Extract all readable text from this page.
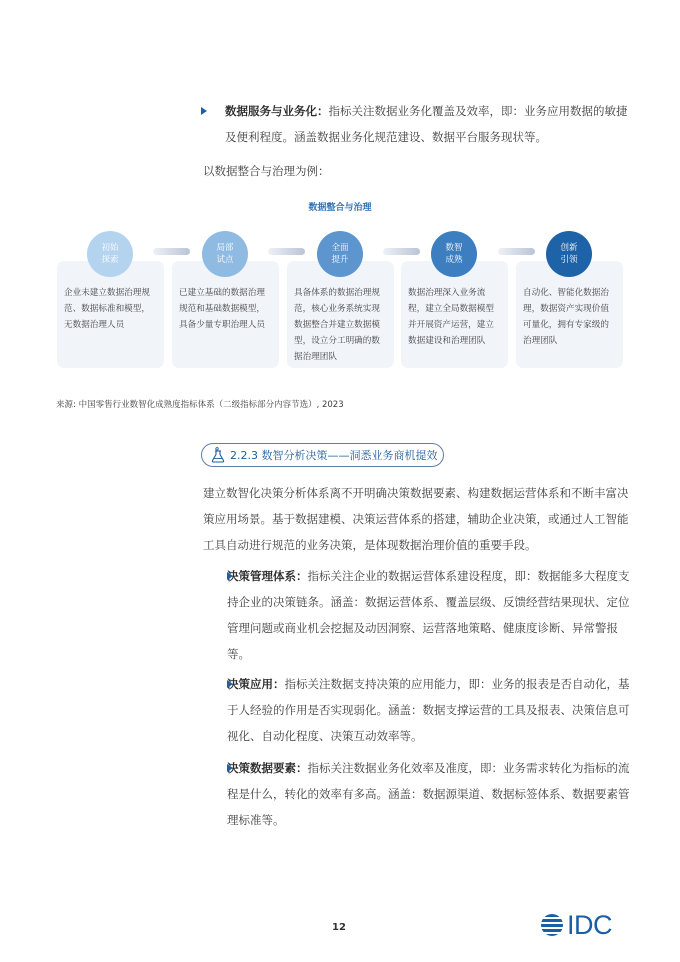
数据服务与业务化：指标关注数据业务化覆盖及效率，即：业务应用数据的敏捷及便利程度。涵盖数据业务化规范建设、数据平台服务现状等。
以数据整合与治理为例：
数据整合与治理
企业未建立数据治理规范、数据标准和模型，无数据治理人员
已建立基础的数据治理规范和基础数据模型，具备少量专职治理人员
具备体系的数据治理规范，核心业务系统实现数据整合并建立数据模型，设立分工明确的数据治理团队
数据治理深入业务流程，建立全局数据模型并开展资产运营，建立数据建设和治理团队
自动化、智能化数据治理，数据资产实现价值可量化，拥有专家级的治理团队
初始
探索
局部
试点
全面
提升
数智
成熟
创新
引领
来源: 中国零售行业数智化成熟度指标体系（二级指标部分内容节选）, 2023
2.2.3 数智分析决策——洞悉业务商机提效
建立数智化决策分析体系离不开明确决策数据要素、构建数据运营体系和不断丰富决策应用场景。基于数据建模、决策运营体系的搭建，辅助企业决策，或通过人工智能工具自动进行规范的业务决策，是体现数据治理价值的重要手段。
决策管理体系：指标关注企业的数据运营体系建设程度，即：数据能多大程度支持企业的决策链条。涵盖：数据运营体系、覆盖层级、反馈经营结果现状、定位管理问题或商业机会挖掘及动因洞察、运营落地策略、健康度诊断、异常警报等。
决策应用：指标关注数据支持决策的应用能力，即：业务的报表是否自动化，基于人经验的作用是否实现弱化。涵盖：数据支撑运营的工具及报表、决策信息可视化、自动化程度、决策互动效率等。
决策数据要素：指标关注数据业务化效率及准度，即：业务需求转化为指标的流程是什么，转化的效率有多高。涵盖：数据源渠道、数据标签体系、数据要素管理标准等。
12	IDC
